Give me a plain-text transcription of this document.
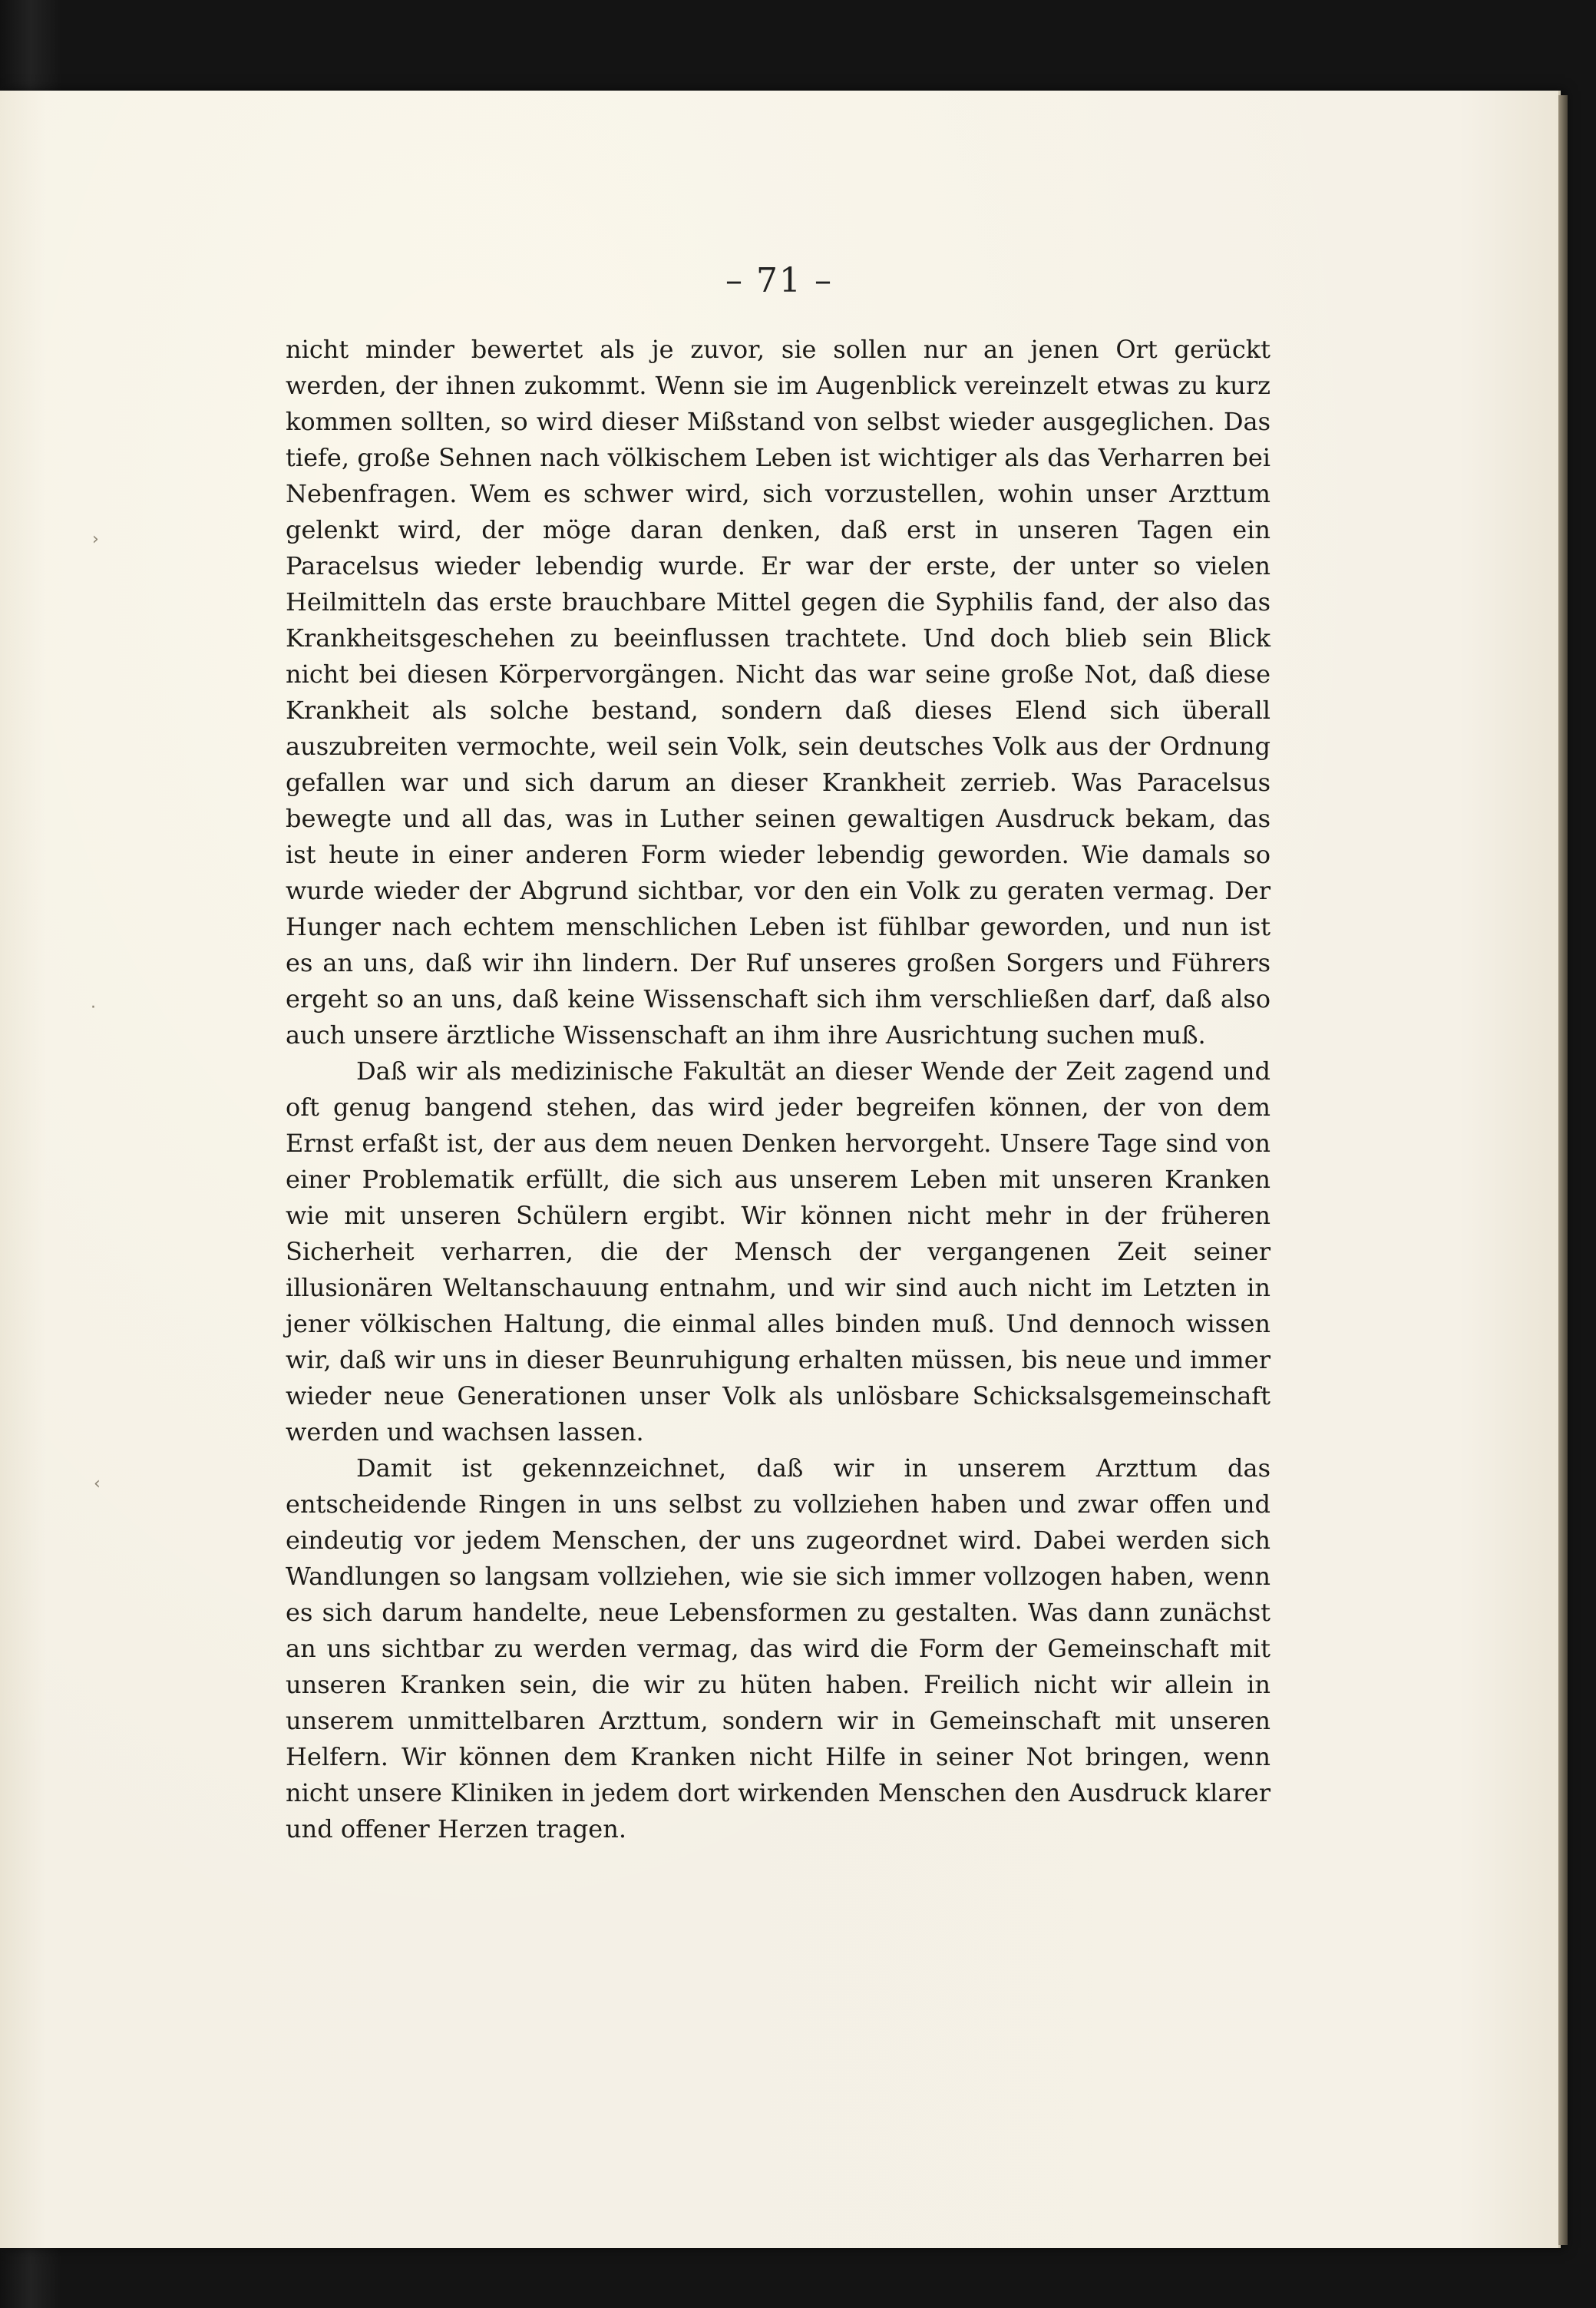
– 71 –

›
·
‹

nicht minder bewertet als je zuvor, sie sollen nur an jenen Ort gerückt werden, der ihnen zukommt. Wenn sie im Augenblick vereinzelt etwas zu kurz kommen sollten, so wird dieser Mißstand von selbst wieder ausgeglichen. Das tiefe, große Sehnen nach völkischem Leben ist wichtiger als das Verharren bei Nebenfragen. Wem es schwer wird, sich vorzustellen, wohin unser Arzttum gelenkt wird, der möge daran denken, daß erst in unseren Tagen ein Paracelsus wieder lebendig wurde. Er war der erste, der unter so vielen Heilmitteln das erste brauchbare Mittel gegen die Syphilis fand, der also das Krankheitsgeschehen zu beeinflussen trachtete. Und doch blieb sein Blick nicht bei diesen Körpervorgängen. Nicht das war seine große Not, daß diese Krankheit als solche bestand, sondern daß dieses Elend sich überall auszubreiten vermochte, weil sein Volk, sein deutsches Volk aus der Ordnung gefallen war und sich darum an dieser Krankheit zerrieb. Was Paracelsus bewegte und all das, was in Luther seinen gewaltigen Ausdruck bekam, das ist heute in einer anderen Form wieder lebendig geworden. Wie damals so wurde wieder der Abgrund sichtbar, vor den ein Volk zu geraten vermag. Der Hunger nach echtem menschlichen Leben ist fühlbar geworden, und nun ist es an uns, daß wir ihn lindern. Der Ruf unseres großen Sorgers und Führers ergeht so an uns, daß keine Wissenschaft sich ihm verschließen darf, daß also auch unsere ärztliche Wissenschaft an ihm ihre Ausrichtung suchen muß.

Daß wir als medizinische Fakultät an dieser Wende der Zeit zagend und oft genug bangend stehen, das wird jeder begreifen können, der von dem Ernst erfaßt ist, der aus dem neuen Denken hervorgeht. Unsere Tage sind von einer Problematik erfüllt, die sich aus unserem Leben mit unseren Kranken wie mit unseren Schülern ergibt. Wir können nicht mehr in der früheren Sicherheit verharren, die der Mensch der vergangenen Zeit seiner illusionären Weltanschauung entnahm, und wir sind auch nicht im Letzten in jener völkischen Haltung, die einmal alles binden muß. Und dennoch wissen wir, daß wir uns in dieser Beunruhigung erhalten müssen, bis neue und immer wieder neue Generationen unser Volk als unlösbare Schicksalsgemeinschaft werden und wachsen lassen.

Damit ist gekennzeichnet, daß wir in unserem Arzttum das entscheidende Ringen in uns selbst zu vollziehen haben und zwar offen und eindeutig vor jedem Menschen, der uns zugeordnet wird. Dabei werden sich Wandlungen so langsam vollziehen, wie sie sich immer vollzogen haben, wenn es sich darum handelte, neue Lebensformen zu gestalten. Was dann zunächst an uns sichtbar zu werden vermag, das wird die Form der Gemeinschaft mit unseren Kranken sein, die wir zu hüten haben. Freilich nicht wir allein in unserem unmittelbaren Arzttum, sondern wir in Gemeinschaft mit unseren Helfern. Wir können dem Kranken nicht Hilfe in seiner Not bringen, wenn nicht unsere Kliniken in jedem dort wirkenden Menschen den Ausdruck klarer und offener Herzen tragen.
